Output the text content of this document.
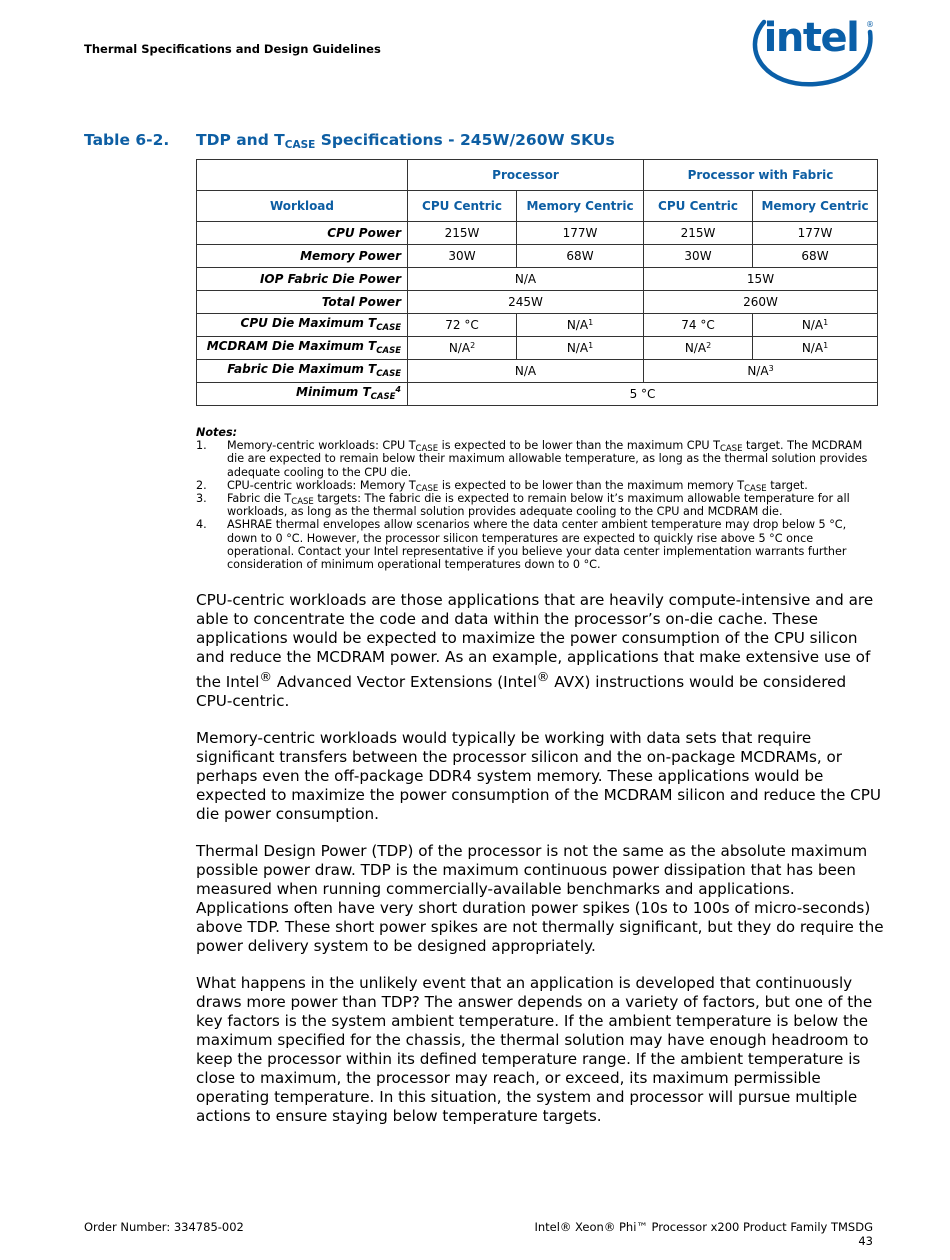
Thermal Specifications and Design Guidelines	intel ®
Table 6-2. TDP and $T_{CASE}$ Specifications - 245W/260W SKUs
	Processor		Processor with Fabric	
Workload	CPU Centric	Memory Centric	CPU Centric	Memory Centric
CPU Power	215W	177W	215W	177W
Memory Power	30W	68W	30W	68W
IOP Fabric Die Power	N/A		15W	
Total Power	245W		260W	
CPU Die Maximum $T_{CASE}$	72 °C	$N/A^1$	74 °C	$N/A^1$
MCDRAM Die Maximum $T_{CASE}$	$N/A^2$	$N/A^1$	$N/A^2$	$N/A^1$
Fabric Die Maximum $T_{CASE}$	N/A		$N/A^3$
Minimum $T_{CASE}^4$	5 °C			
Notes:

1. Memory-centric workloads: CPU $T_{CASE}$ is expected to be lower than the maximum CPU $T_{CASE}$ target. The MCDRAM die are expected to remain below their maximum allowable temperature, as long as the thermal solution provides adequate cooling to the CPU die.

2. CPU-centric workloads: Memory $T_{CASE}$ is expected to be lower than the maximum memory $T_{CASE}$ target.

3. Fabric die $T_{CASE}$ targets: The fabric die is expected to remain below it’s maximum allowable temperature for all workloads, as long as the thermal solution provides adequate cooling to the CPU and MCDRAM die.

4. ASHRAE thermal envelopes allow scenarios where the data center ambient temperature may drop below 5 °C, down to 0 °C. However, the processor silicon temperatures are expected to quickly rise above 5 °C once operational. Contact your Intel representative if you believe your data center implementation warrants further consideration of minimum operational temperatures down to 0 °C.

CPU-centric workloads are those applications that are heavily compute-intensive and are able to concentrate the code and data within the processor’s on-die cache. These applications would be expected to maximize the power consumption of the CPU silicon and reduce the MCDRAM power. As an example, applications that make extensive use of the Intel® Advanced Vector Extensions (Intel® AVX) instructions would be considered CPU-centric.

Memory-centric workloads would typically be working with data sets that require significant transfers between the processor silicon and the on-package MCDRAMs, or perhaps even the off-package DDR4 system memory. These applications would be expected to maximize the power consumption of the MCDRAM silicon and reduce the CPU die power consumption.

Thermal Design Power (TDP) of the processor is not the same as the absolute maximum possible power draw. TDP is the maximum continuous power dissipation that has been measured when running commercially-available benchmarks and applications. Applications often have very short duration power spikes (10s to 100s of micro-seconds) above TDP. These short power spikes are not thermally significant, but they do require the power delivery system to be designed appropriately.

What happens in the unlikely event that an application is developed that continuously draws more power than TDP? The answer depends on a variety of factors, but one of the key factors is the system ambient temperature. If the ambient temperature is below the maximum specified for the chassis, the thermal solution may have enough headroom to keep the processor within its defined temperature range. If the ambient temperature is close to maximum, the processor may reach, or exceed, its maximum permissible operating temperature. In this situation, the system and processor will pursue multiple actions to ensure staying below temperature targets.

Order Number: 334785-002	Intel® Xeon® Phi™ Processor x200 Product Family TMSDG
43
